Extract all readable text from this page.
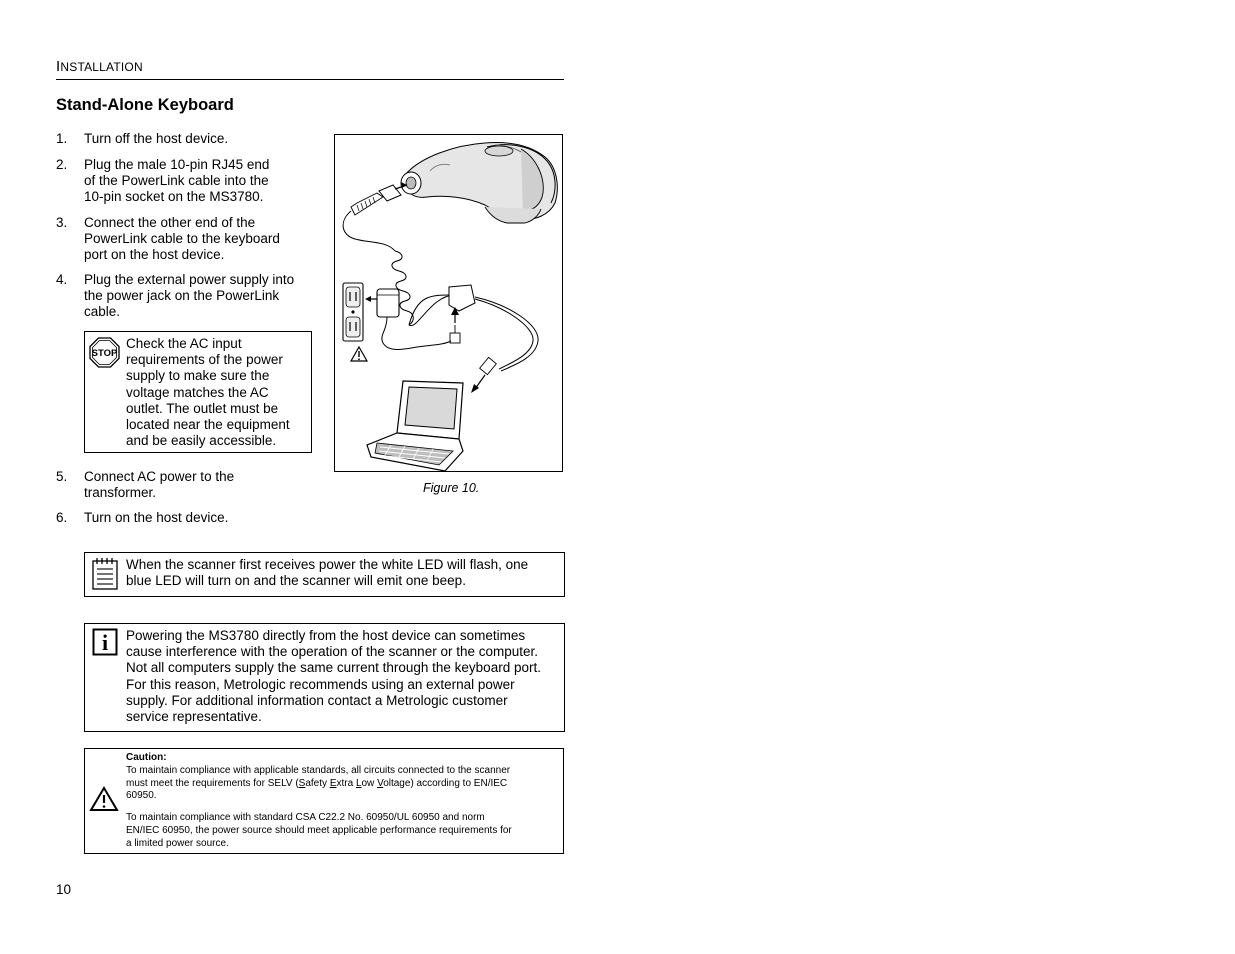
INSTALLATION
Stand-Alone Keyboard
1. Turn off the host device.
2. Plug the male 10-pin RJ45 end
of the PowerLink cable into the
10-pin socket on the MS3780.
3. Connect the other end of the
PowerLink cable to the keyboard
port on the host device.
4. Plug the external power supply into
the power jack on the PowerLink
cable.
STOP
Check the AC input
requirements of the power
supply to make sure the
voltage matches the AC
outlet. The outlet must be
located near the equipment
and be easily accessible.
5. Connect AC power to the
transformer.
6. Turn on the host device.
Figure 10.
When the scanner first receives power the white LED will flash, one
blue LED will turn on and the scanner will emit one beep.
i Powering the MS3780 directly from the host device can sometimes
cause interference with the operation of the scanner or the computer.
Not all computers supply the same current through the keyboard port.
For this reason, Metrologic recommends using an external power
supply. For additional information contact a Metrologic customer
service representative.
Caution:
To maintain compliance with applicable standards, all circuits connected to the scanner
must meet the requirements for SELV (Safety Extra Low Voltage) according to EN/IEC
60950.
To maintain compliance with standard CSA C22.2 No. 60950/UL 60950 and norm
EN/IEC 60950, the power source should meet applicable performance requirements for
a limited power source.
10
